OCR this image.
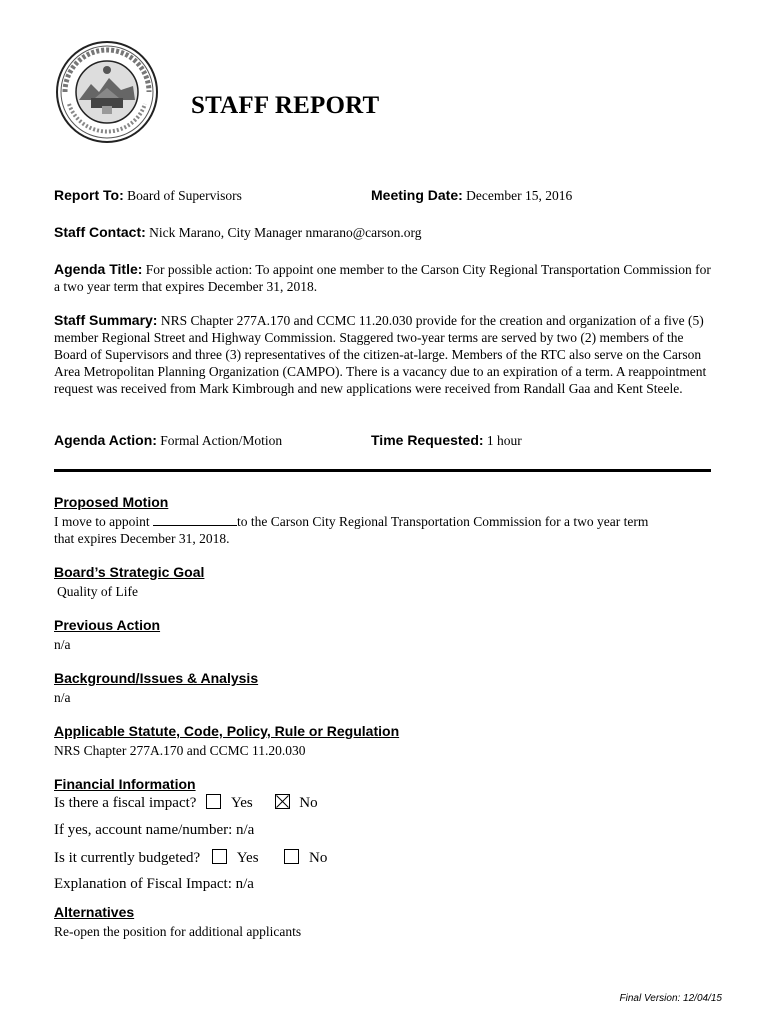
STAFF REPORT
Report To: Board of Supervisors	Meeting Date: December 15, 2016
Staff Contact: Nick Marano, City Manager nmarano@carson.org
Agenda Title: For possible action: To appoint one member to the Carson City Regional Transportation Commission for a two year term that expires December 31, 2018.
Staff Summary: NRS Chapter 277A.170 and CCMC 11.20.030 provide for the creation and organization of a five (5) member Regional Street and Highway Commission. Staggered two-year terms are served by two (2) members of the Board of Supervisors and three (3) representatives of the citizen-at-large. Members of the RTC also serve on the Carson Area Metropolitan Planning Organization (CAMPO). There is a vacancy due to an expiration of a term. A reappointment request was received from Mark Kimbrough and new applications were received from Randall Gaa and Kent Steele.
Agenda Action: Formal Action/Motion	Time Requested: 1 hour
Proposed Motion
I move to appoint	to the Carson City Regional Transportation Commission for a two year term
that expires December 31, 2018.
Board’s Strategic Goal
Quality of Life
Previous Action
n/a
Background/Issues & Analysis
n/a
Applicable Statute, Code, Policy, Rule or Regulation
NRS Chapter 277A.170 and CCMC 11.20.030
Financial Information
Is there a fiscal impact? Yes	No
If yes, account name/number: n/a
Is it currently budgeted? Yes	No
Explanation of Fiscal Impact: n/a
Alternatives
Re-open the position for additional applicants
Final Version: 12/04/15
